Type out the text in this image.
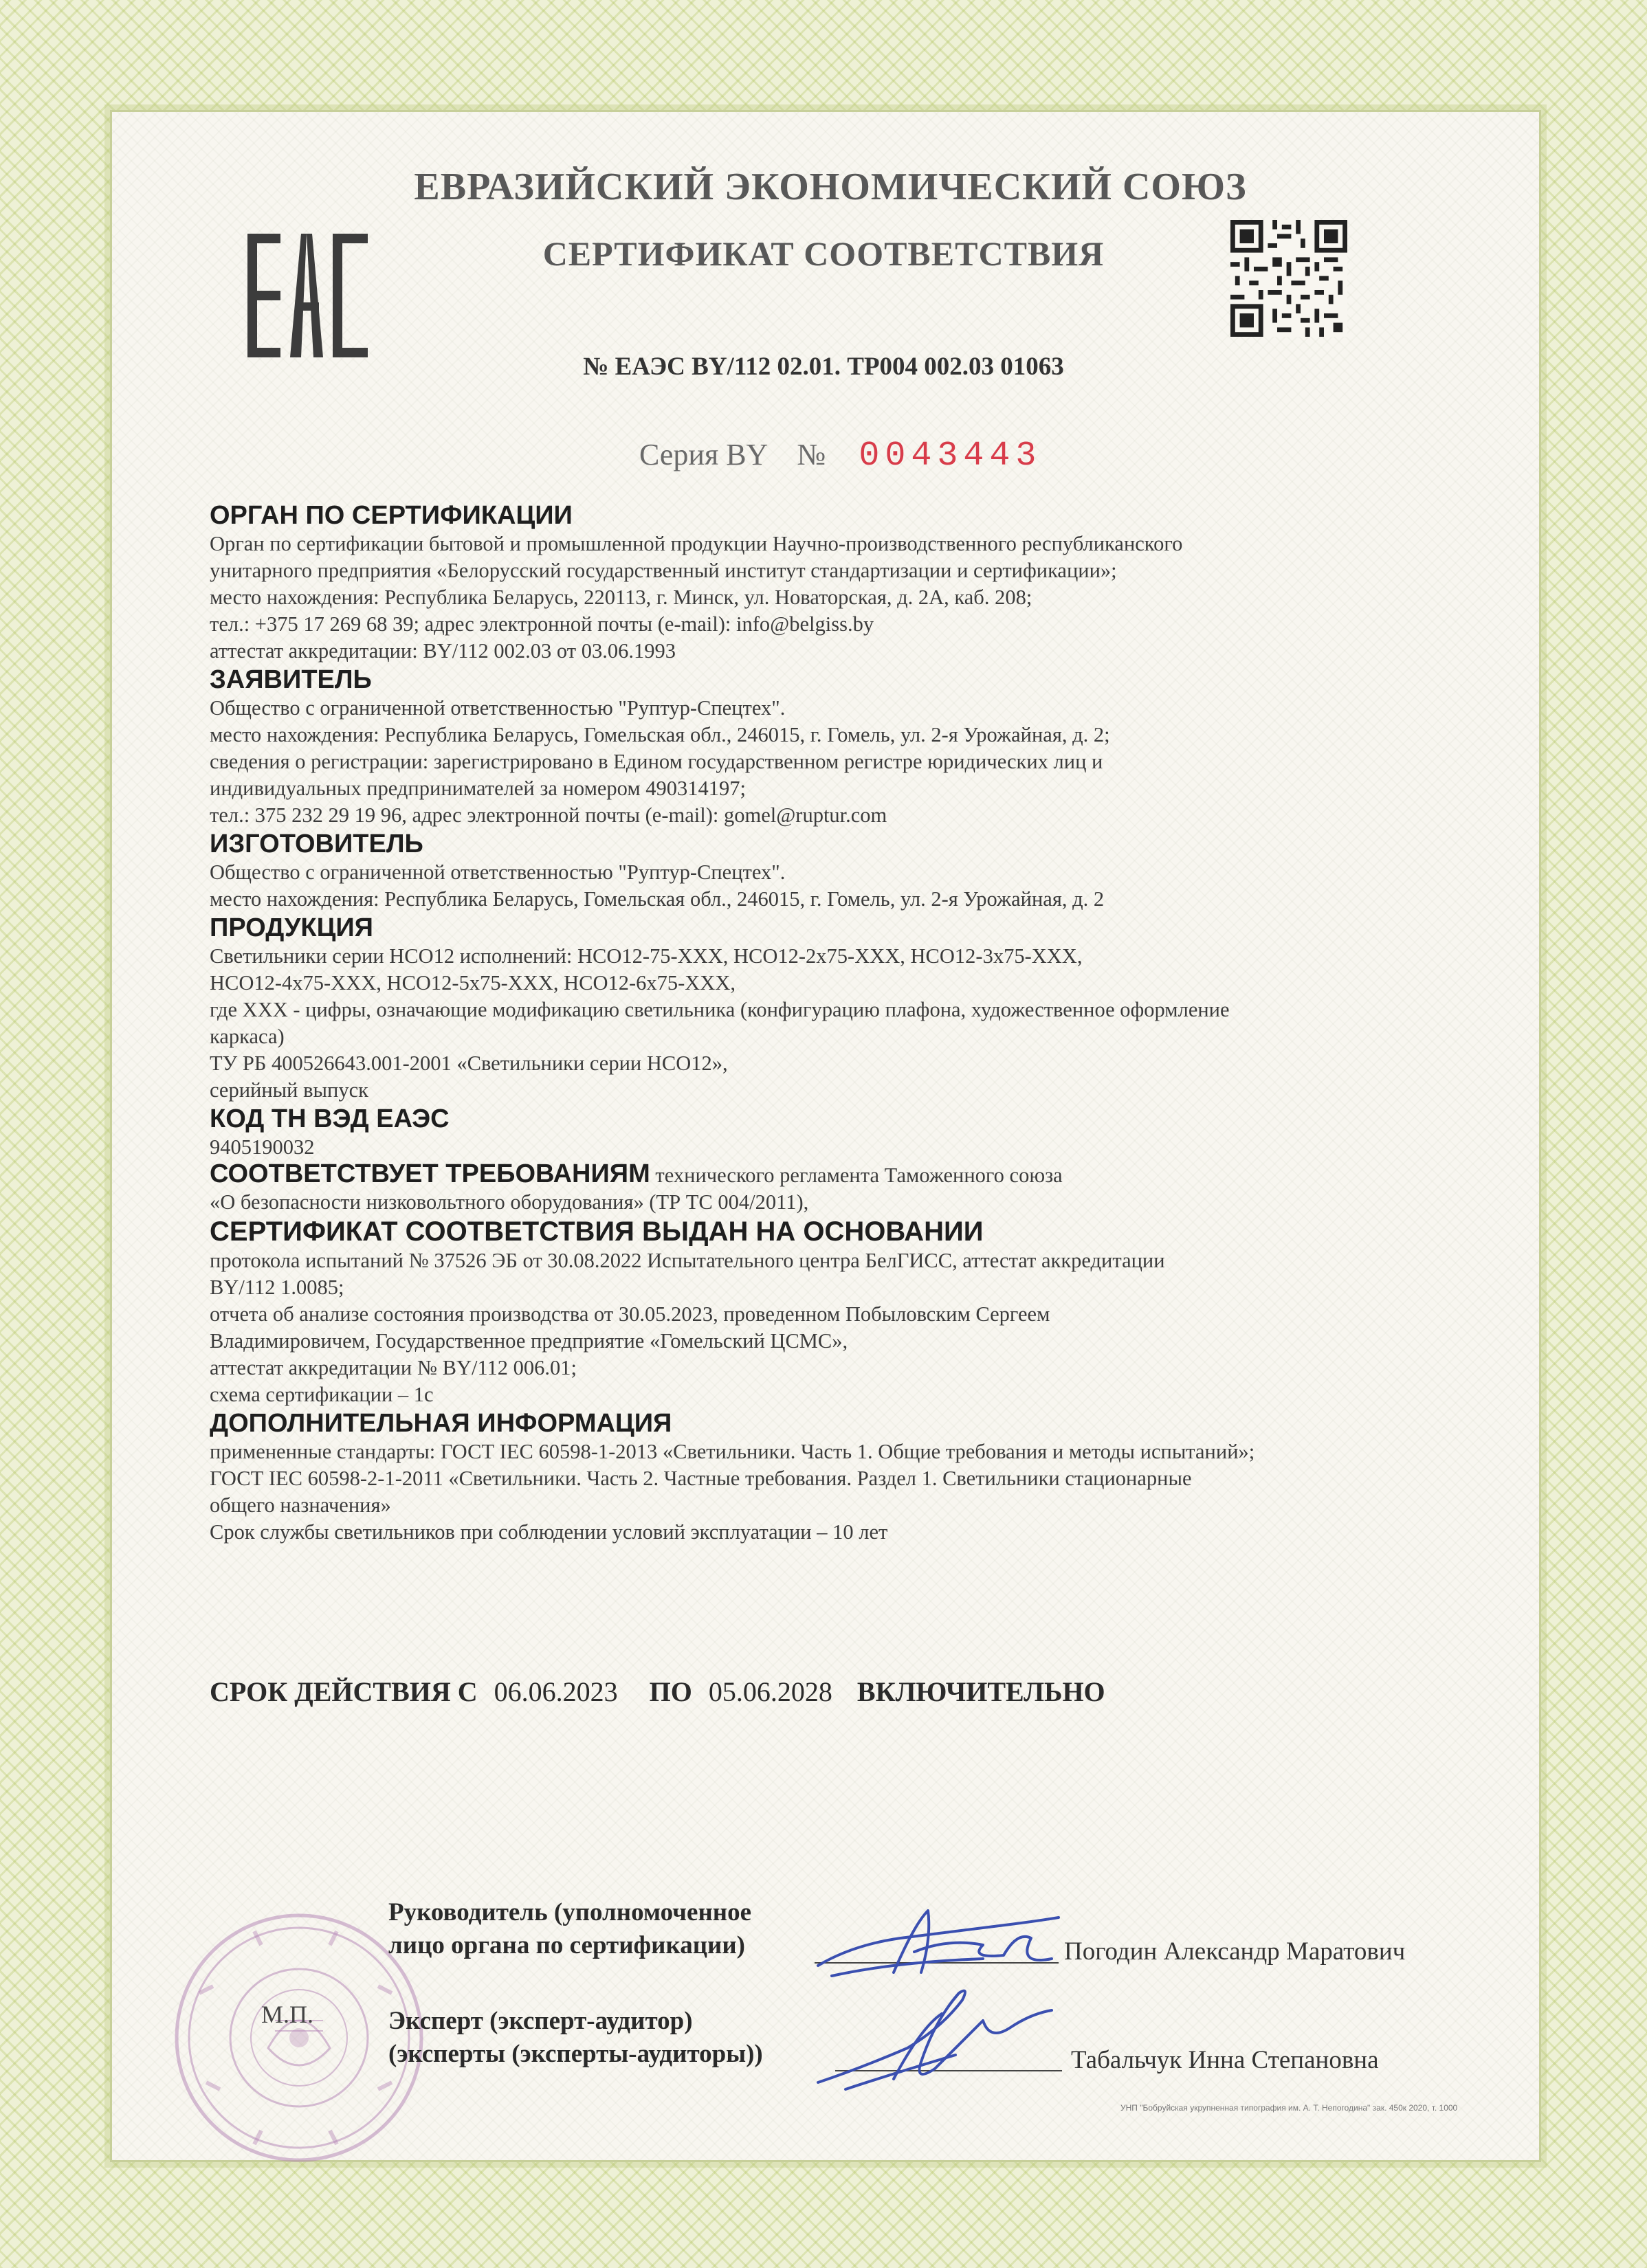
ЕВРАЗИЙСКИЙ ЭКОНОМИЧЕСКИЙ СОЮЗ
СЕРТИФИКАТ СООТВЕТСТВИЯ
№ ЕАЭС BY/112 02.01. ТР004 002.03 01063
Серия BY № 0043443
ОРГАН ПО СЕРТИФИКАЦИИ
Орган по сертификации бытовой и промышленной продукции Научно-производственного республиканского
унитарного предприятия «Белорусский государственный институт стандартизации и сертификации»;
место нахождения: Республика Беларусь, 220113, г. Минск, ул. Новаторская, д. 2А, каб. 208;
тел.: +375 17 269 68 39; адрес электронной почты (e-mail): info@belgiss.by
аттестат аккредитации: BY/112 002.03 от 03.06.1993
ЗАЯВИТЕЛЬ
Общество с ограниченной ответственностью "Руптур-Спецтех".
место нахождения: Республика Беларусь, Гомельская обл., 246015, г. Гомель, ул. 2-я Урожайная, д. 2;
сведения о регистрации: зарегистрировано в Едином государственном регистре юридических лиц и
индивидуальных предпринимателей за номером 490314197;
тел.: 375 232 29 19 96, адрес электронной почты (e-mail): gomel@ruptur.com
ИЗГОТОВИТЕЛЬ
Общество с ограниченной ответственностью "Руптур-Спецтех".
место нахождения: Республика Беларусь, Гомельская обл., 246015, г. Гомель, ул. 2-я Урожайная, д. 2
ПРОДУКЦИЯ
Светильники серии НСО12 исполнений: НСО12-75-ХХХ, НСО12-2х75-ХХХ, НСО12-3х75-ХХХ,
НСО12-4х75-ХХХ, НСО12-5х75-ХХХ, НСО12-6х75-ХХХ,
где ХХХ - цифры, означающие модификацию светильника (конфигурацию плафона, художественное оформление
каркаса)
ТУ РБ 400526643.001-2001 «Светильники серии НСО12»,
серийный выпуск
КОД ТН ВЭД ЕАЭС
9405190032
СООТВЕТСТВУЕТ ТРЕБОВАНИЯМ технического регламента Таможенного союза
«О безопасности низковольтного оборудования» (ТР ТС 004/2011),
СЕРТИФИКАТ СООТВЕТСТВИЯ ВЫДАН НА ОСНОВАНИИ
протокола испытаний № 37526 ЭБ от 30.08.2022 Испытательного центра БелГИСС, аттестат аккредитации
BY/112 1.0085;
отчета об анализе состояния производства от 30.05.2023, проведенном Побыловским Сергеем
Владимировичем, Государственное предприятие «Гомельский ЦСМС»,
аттестат аккредитации № BY/112 006.01;
схема сертификации – 1с
ДОПОЛНИТЕЛЬНАЯ ИНФОРМАЦИЯ
примененные стандарты: ГОСТ IEC 60598-1-2013 «Светильники. Часть 1. Общие требования и методы испытаний»;
ГОСТ IEC 60598-2-1-2011 «Светильники. Часть 2. Частные требования. Раздел 1. Светильники стационарные
общего назначения»
Срок службы светильников при соблюдении условий эксплуатации – 10 лет
СРОК ДЕЙСТВИЯ С 06.06.2023 ПО 05.06.2028 ВКЛЮЧИТЕЛЬНО
М.П.
Руководитель (уполномоченное
лицо органа по сертификации)	Погодин Александр Маратович
Эксперт (эксперт-аудитор)
(эксперты (эксперты-аудиторы))	Табальчук Инна Степановна
УНП "Бобруйская укрупненная типография им. А. Т. Непогодина" зак. 450к 2020, т. 1000
